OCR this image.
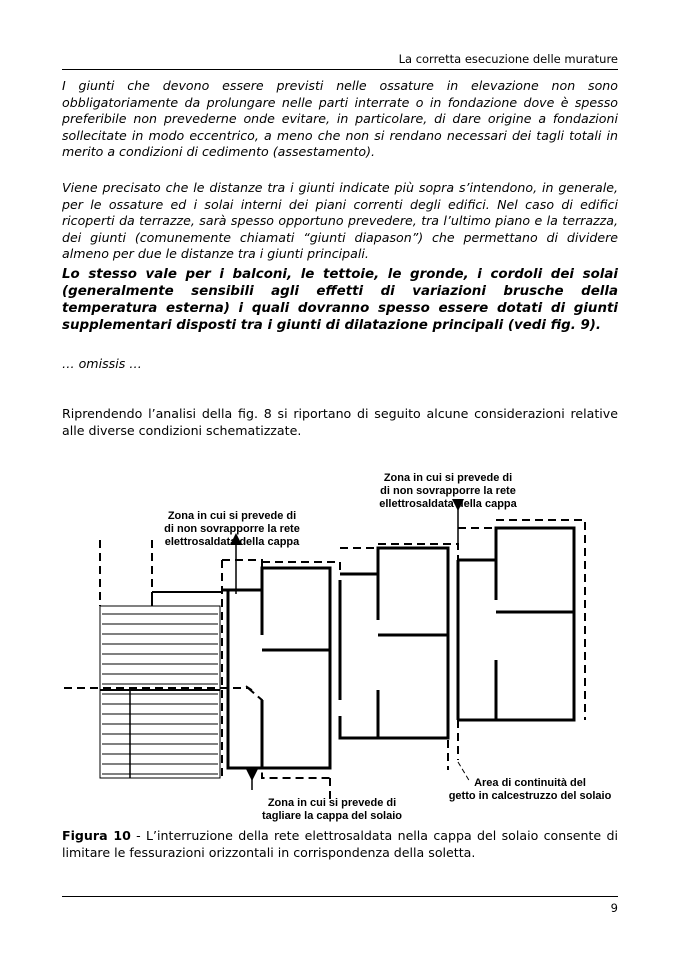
La corretta esecuzione delle murature

I giunti che devono essere previsti nelle ossature in elevazione non sono obbligatoriamente da prolungare nelle parti interrate o in fondazione dove è spesso preferibile non prevederne onde evitare, in particolare, di dare origine a fondazioni sollecitate in modo eccentrico, a meno che non si rendano necessari dei tagli totali in merito a condizioni di cedimento (assestamento).

Viene precisato che le distanze tra i giunti indicate più sopra s’intendono, in generale, per le ossature ed i solai interni dei piani correnti degli edifici. Nel caso di edifici ricoperti da terrazze, sarà spesso opportuno prevedere, tra l’ultimo piano e la terrazza, dei giunti (comunemente chiamati “giunti diapason”) che permettano di dividere almeno per due le distanze tra i giunti principali.

Lo stesso vale per i balconi, le tettoie, le gronde, i cordoli dei solai (generalmente sensibili agli effetti di variazioni brusche della temperatura esterna) i quali dovranno spesso essere dotati di giunti supplementari disposti tra i giunti di dilatazione principali (vedi fig. 9).

… omissis …

Riprendendo l’analisi della fig. 8 si riportano di seguito alcune considerazioni relative alle diverse condizioni schematizzate.

Zona in cui si prevede di
di non sovrapporre la rete
ellettrosaldata della cappa
Zona in cui si prevede di
di non sovrapporre la rete
elettrosaldata della cappa
Zona in cui si prevede di
tagliare la cappa del solaio
Area di continuità del
getto in calcestruzzo del solaio

Figura 10 - L’interruzione della rete elettrosaldata nella cappa del solaio consente di limitare le fessurazioni orizzontali in corrispondenza della soletta.

9
